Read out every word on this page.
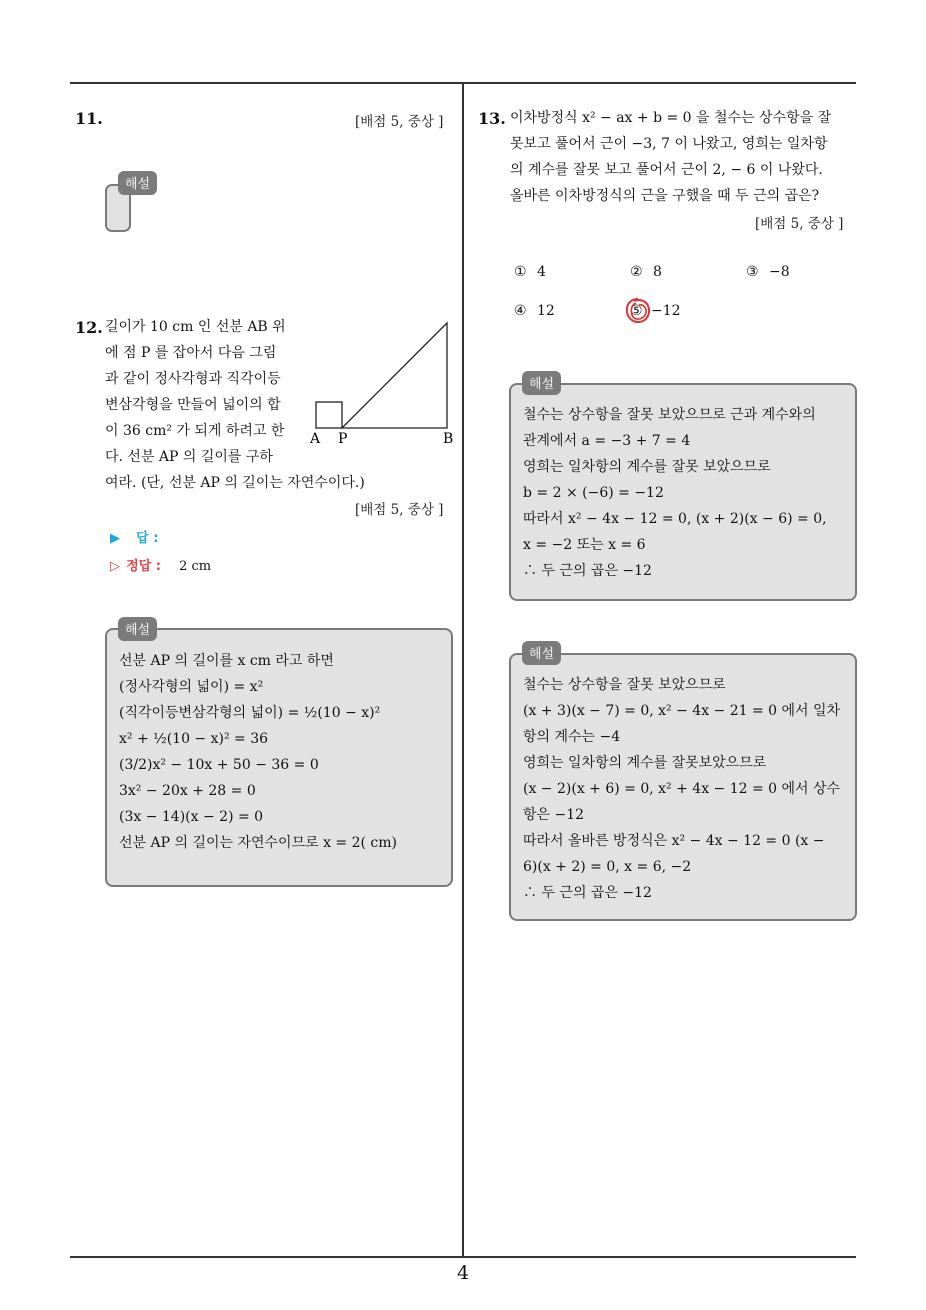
4
11.	[배점 5, 중상 ]
해설
12. 길이가 10 cm 인 선분 AB 위
에 점 P 를 잡아서 다음 그림
과 같이 정사각형과 직각이등
변삼각형을 만들어 넓이의 합
이 36 cm² 가 되게 하려고 한
다. 선분 AP 의 길이를 구하
여라. (단, 선분 AP 의 길이는 자연수이다.)
A P	B
[배점 5, 중상 ]
▶ 답 :
▷ 정답 : 2 cm
선분 AP 의 길이를 x cm 라고 하면
(정사각형의 넓이) = x²
(직각이등변삼각형의 넓이) = ½(10 − x)²
x² + ½(10 − x)² = 36
(3/2)x² − 10x + 50 − 36 = 0
3x² − 20x + 28 = 0
(3x − 14)(x − 2) = 0
선분 AP 의 길이는 자연수이므로 x = 2( cm)
해설
13. 이차방정식 x² − ax + b = 0 을 철수는 상수항을 잘
못보고 풀어서 근이 −3, 7 이 나왔고, 영희는 일차항
의 계수를 잘못 보고 풀어서 근이 2, − 6 이 나왔다.
올바른 이차방정식의 근을 구했을 때 두 근의 곱은?
[배점 5, 중상 ]
① 4	② 8	③ −8
④ 12	⑤ −12
철수는 상수항을 잘못 보았으므로 근과 계수와의
관계에서 a = −3 + 7 = 4
영희는 일차항의 계수를 잘못 보았으므로
b = 2 × (−6) = −12
따라서 x² − 4x − 12 = 0, (x + 2)(x − 6) = 0,
x = −2 또는 x = 6
∴ 두 근의 곱은 −12
해설
철수는 상수항을 잘못 보았으므로
(x + 3)(x − 7) = 0, x² − 4x − 21 = 0 에서 일차
항의 계수는 −4
영희는 일차항의 계수를 잘못보았으므로
(x − 2)(x + 6) = 0, x² + 4x − 12 = 0 에서 상수
항은 −12
따라서 올바른 방정식은 x² − 4x − 12 = 0 (x −
6)(x + 2) = 0, x = 6, −2
∴ 두 근의 곱은 −12
해설
